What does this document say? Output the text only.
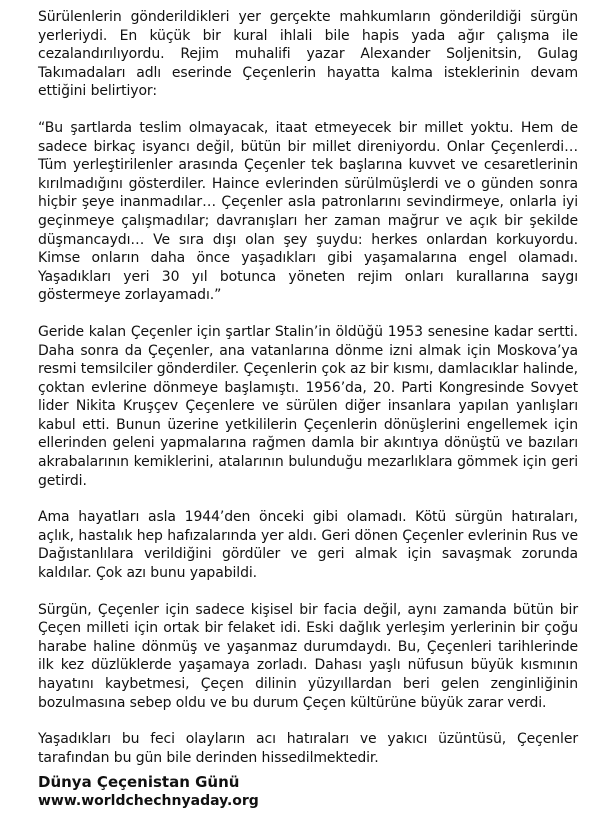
Sürülenlerin gönderildikleri yer gerçekte mahkumların gönderildiği sürgün yerleriydi. En küçük bir kural ihlali bile hapis yada ağır çalışma ile cezalandırılıyordu. Rejim muhalifi yazar Alexander Soljenitsin, Gulag Takımadaları adlı eserinde Çeçenlerin hayatta kalma isteklerinin devam ettiğini belirtiyor:

“Bu şartlarda teslim olmayacak, itaat etmeyecek bir millet yoktu. Hem de sadece birkaç isyancı değil, bütün bir millet direniyordu. Onlar Çeçenlerdi… Tüm yerleştirilenler arasında Çeçenler tek başlarına kuvvet ve cesaretlerinin kırılmadığını gösterdiler. Haince evlerinden sürülmüşlerdi ve o günden sonra hiçbir şeye inanmadılar… Çeçenler asla patronlarını sevindirmeye, onlarla iyi geçinmeye çalışmadılar; davranışları her zaman mağrur ve açık bir şekilde düşmancaydı… Ve sıra dışı olan şey şuydu: herkes onlardan korkuyordu. Kimse onların daha önce yaşadıkları gibi yaşamalarına engel olamadı. Yaşadıkları yeri 30 yıl botunca yöneten rejim onları kurallarına saygı göstermeye zorlayamadı.”

Geride kalan Çeçenler için şartlar Stalin’in öldüğü 1953 senesine kadar sertti. Daha sonra da Çeçenler, ana vatanlarına dönme izni almak için Moskova’ya resmi temsilciler gönderdiler. Çeçenlerin çok az bir kısmı, damlacıklar halinde, çoktan evlerine dönmeye başlamıştı. 1956’da, 20. Parti Kongresinde Sovyet lider Nikita Kruşçev Çeçenlere ve sürülen diğer insanlara yapılan yanlışları kabul etti. Bunun üzerine yetkililerin Çeçenlerin dönüşlerini engellemek için ellerinden geleni yapmalarına rağmen damla bir akıntıya dönüştü ve bazıları akrabalarının kemiklerini, atalarının bulunduğu mezarlıklara gömmek için geri getirdi.

Ama hayatları asla 1944’den önceki gibi olamadı. Kötü sürgün hatıraları, açlık, hastalık hep hafızalarında yer aldı. Geri dönen Çeçenler evlerinin Rus ve Dağıstanlılara verildiğini gördüler ve geri almak için savaşmak zorunda kaldılar. Çok azı bunu yapabildi.

Sürgün, Çeçenler için sadece kişisel bir facia değil, aynı zamanda bütün bir Çeçen milleti için ortak bir felaket idi. Eski dağlık yerleşim yerlerinin bir çoğu harabe haline dönmüş ve yaşanmaz durumdaydı. Bu, Çeçenleri tarihlerinde ilk kez düzlüklerde yaşamaya zorladı. Dahası yaşlı nüfusun büyük kısmının hayatını kaybetmesi, Çeçen dilinin yüzyıllardan beri gelen zenginliğinin bozulmasına sebep oldu ve bu durum Çeçen kültürüne büyük zarar verdi.

Yaşadıkları bu feci olayların acı hatıraları ve yakıcı üzüntüsü, Çeçenler tarafından bu gün bile derinden hissedilmektedir.

Dünya Çeçenistan Günü

www.worldchechnyaday.org
